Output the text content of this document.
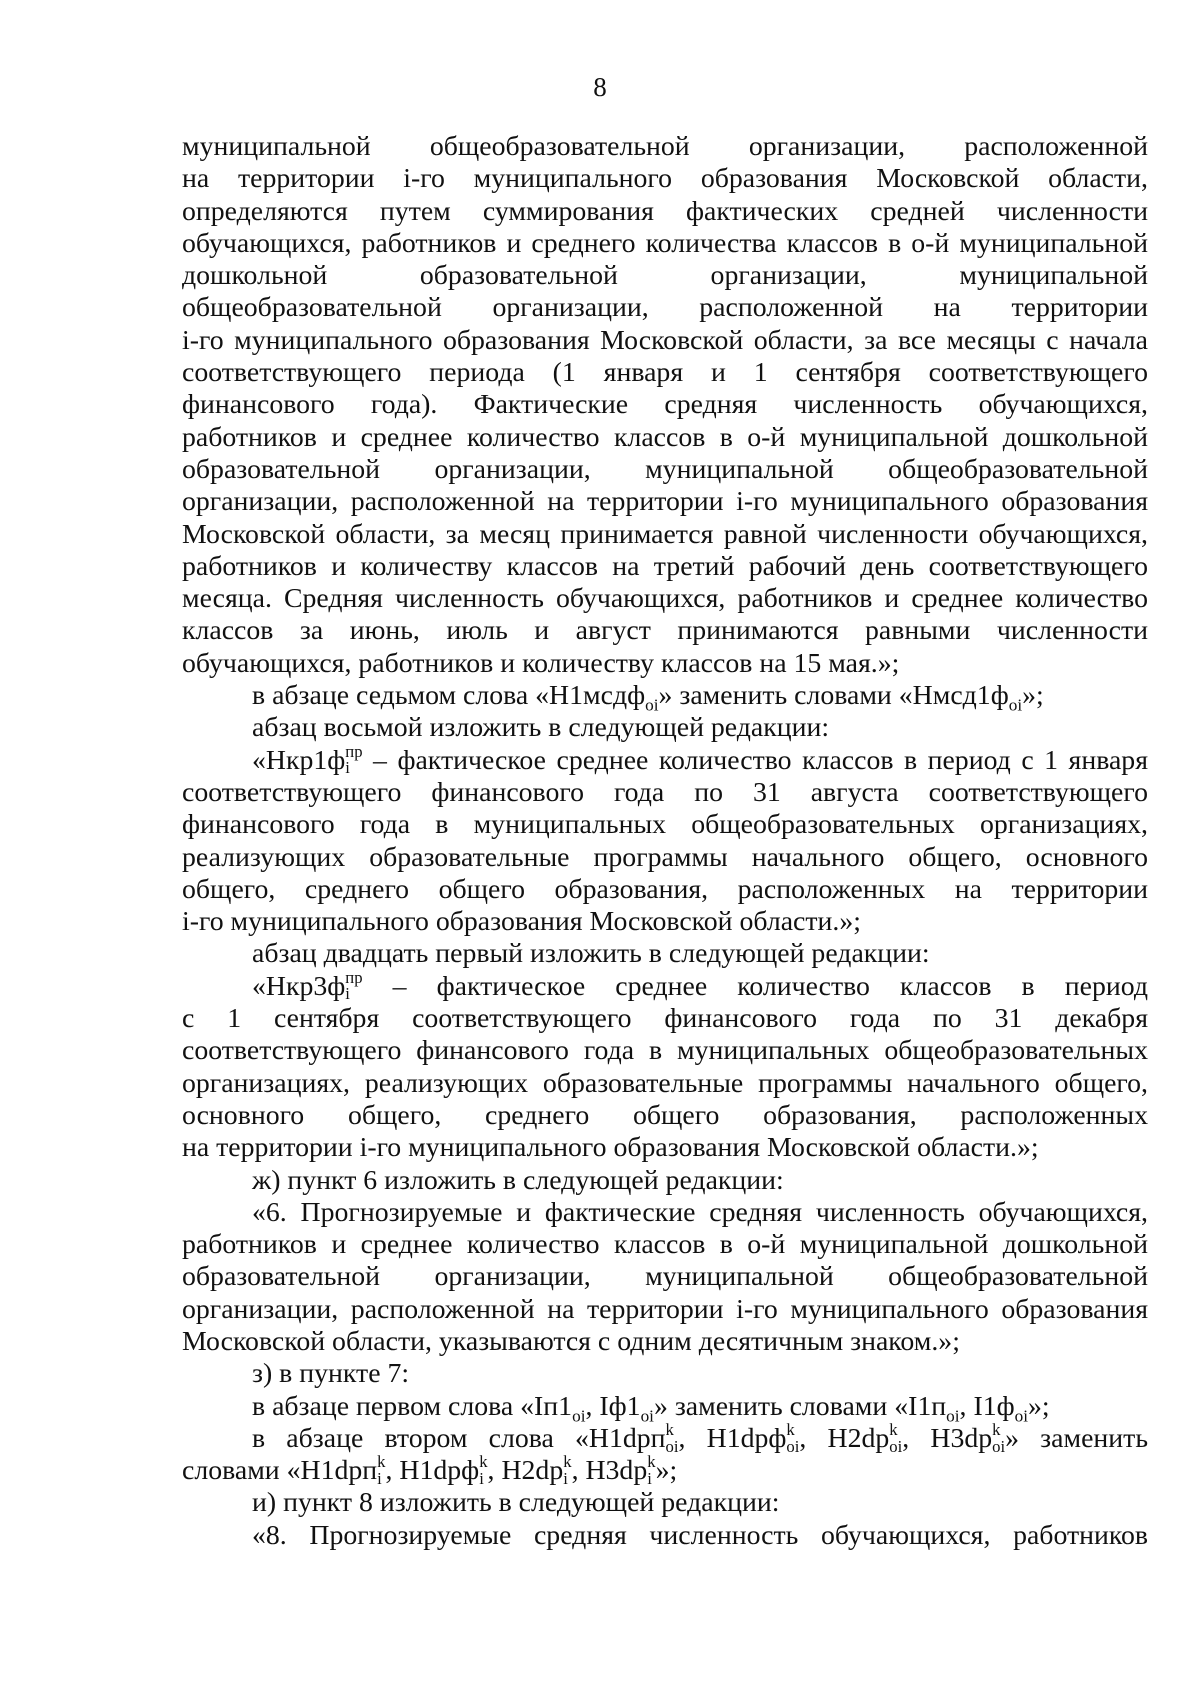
8
муниципальной общеобразовательной организации, расположенной
на территории i-го муниципального образования Московской области,
определяются путем суммирования фактических средней численности
обучающихся, работников и среднего количества классов в о-й муниципальной
дошкольной образовательной организации, муниципальной
общеобразовательной организации, расположенной на территории
i-го муниципального образования Московской области, за все месяцы с начала
соответствующего периода (1 января и 1 сентября соответствующего
финансового года). Фактические средняя численность обучающихся,
работников и среднее количество классов в о-й муниципальной дошкольной
образовательной организации, муниципальной общеобразовательной
организации, расположенной на территории i-го муниципального образования
Московской области, за месяц принимается равной численности обучающихся,
работников и количеству классов на третий рабочий день соответствующего
месяца. Средняя численность обучающихся, работников и среднее количество
классов за июнь, июль и август принимаются равными численности
обучающихся, работников и количеству классов на 15 мая.»;
в абзаце седьмом слова «Н1мсдф$_{oi}$» заменить словами «$Нмсд1ф_{oi}$»;
абзац восьмой изложить в следующей редакции:
«Нкр1ф пр
i – фактическое среднее количество классов в период с 1 января
соответствующего финансового года по 31 августа соответствующего
финансового года в муниципальных общеобразовательных организациях,
реализующих образовательные программы начального общего, основного
общего, среднего общего образования, расположенных на территории
i-го муниципального образования Московской области.»;
абзац двадцать первый изложить в следующей редакции:
«Нкр3ф пр
i – фактическое среднее количество классов в период
с 1 сентября соответствующего финансового года по 31 декабря
соответствующего финансового года в муниципальных общеобразовательных
организациях, реализующих образовательные программы начального общего,
основного общего, среднего общего образования, расположенных
на территории i-го муниципального образования Московской области.»;
ж) пункт 6 изложить в следующей редакции:
«6. Прогнозируемые и фактические средняя численность обучающихся,
работников и среднее количество классов в о-й муниципальной дошкольной
образовательной организации, муниципальной общеобразовательной
организации, расположенной на территории i-го муниципального образования
Московской области, указываются с одним десятичным знаком.»;
з) в пункте 7:
в абзаце первом слова «$Iп1_{oi}$, $Iф1_{oi}$» заменить словами «$I1п_{oi}$, $I1ф_{oi}$»;
в абзаце втором слова «Н1dpп k
oi , Н1dpф k
oi , Н2dp k
oi , Н3dp k
oi » заменить
словами «Н1dpп k
i , Н1dpф k
i , Н2dp k
i , Н3dp k
i »;
и) пункт 8 изложить в следующей редакции:
«8. Прогнозируемые средняя численность обучающихся, работников
